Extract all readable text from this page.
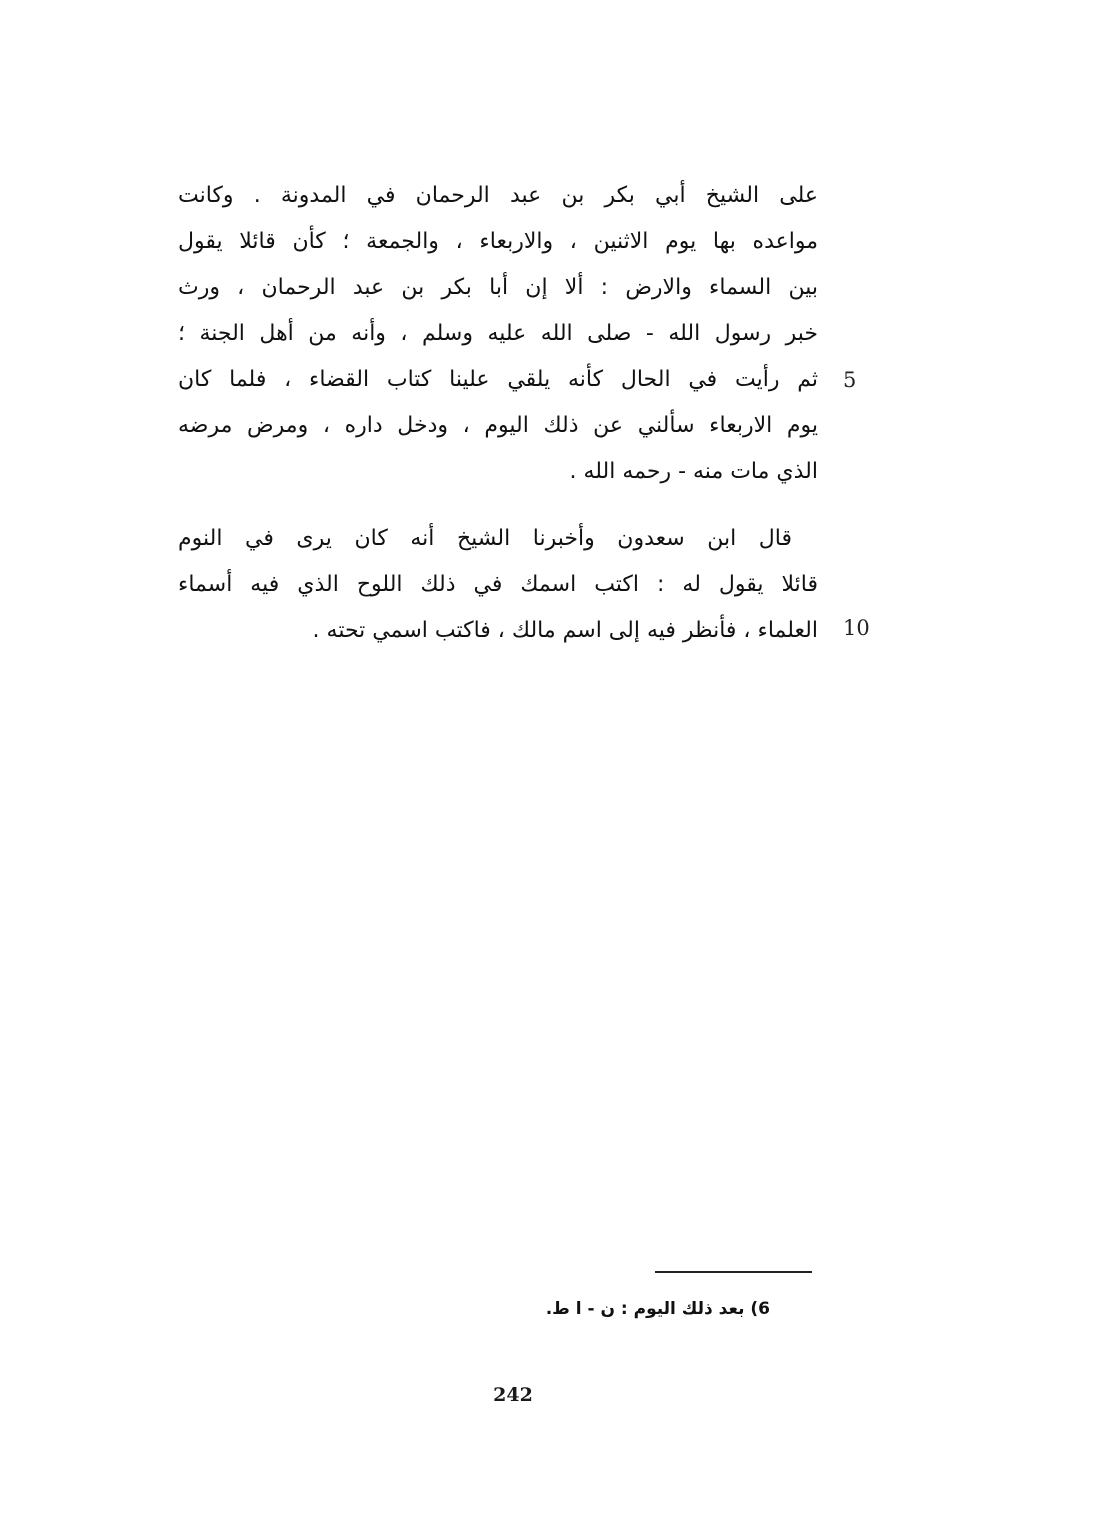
على الشيخ أبي بكر بن عبد الرحمان في المدونة . وكانت
مواعده بها يوم الاثنين ، والاربعاء ، والجمعة ؛ كأن قائلا يقول
بين السماء والارض : ألا إن أبا بكر بن عبد الرحمان ، ورث
خبر رسول الله - صلى الله عليه وسلم ، وأنه من أهل الجنة ؛
ثم رأيت في الحال كأنه يلقي علينا كتاب القضاء ، فلما كان
يوم الاربعاء سألني عن ذلك اليوم ، ودخل داره ، ومرض مرضه
الذي مات منه - رحمه الله .
قال ابن سعدون وأخبرنا الشيخ أنه كان يرى في النوم
قائلا يقول له : اكتب اسمك في ذلك اللوح الذي فيه أسماء
العلماء ، فأنظر فيه إلى اسم مالك ، فاكتب اسمي تحته .
5
10
6) بعد ذلك اليوم : ن - ا ط.
242
